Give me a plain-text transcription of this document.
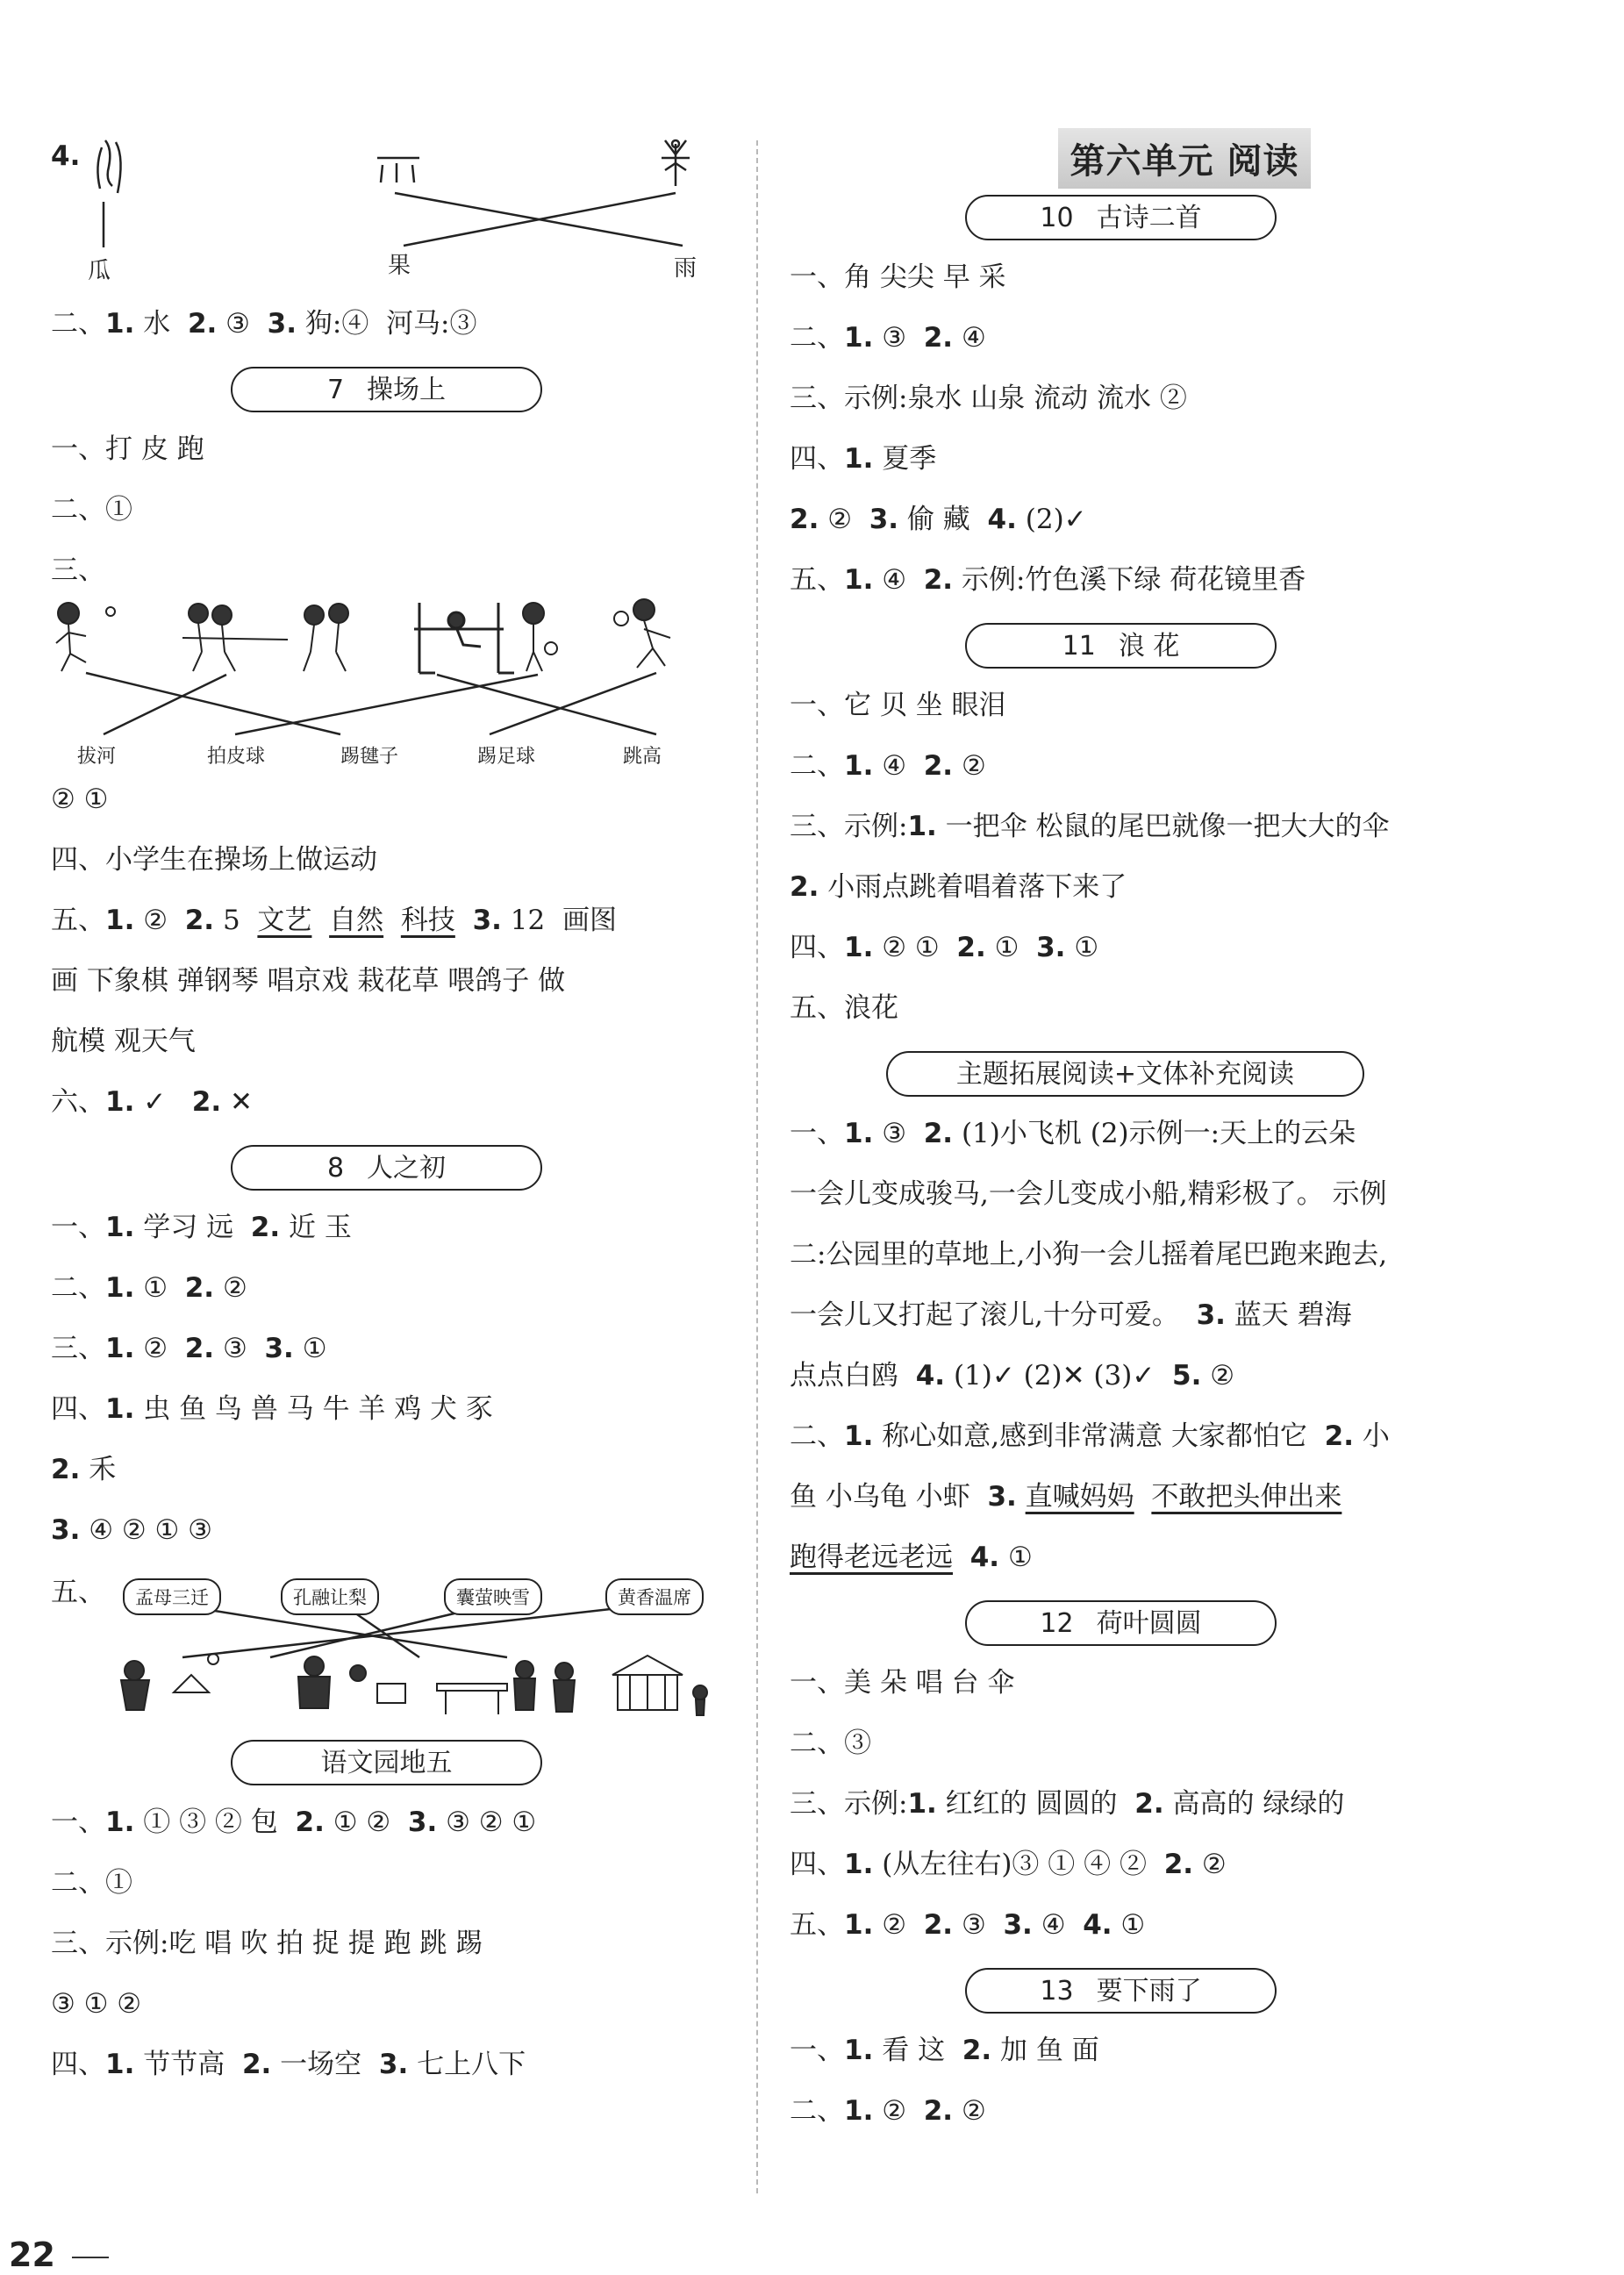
4.
瓜	果	雨
二、1. 水 2. ③ 3. 狗:④ 河马:③
7 操场上
一、打 皮 跑
二、①
三、
拔河	拍皮球	踢毽子	踢足球	跳高
② ①
四、小学生在操场上做运动
五、1. ② 2. 5 文艺 自然 科技 3. 12 画图
画 下象棋 弹钢琴 唱京戏 栽花草 喂鸽子 做
航模 观天气
六、1. ✓ 2. ✕
8 人之初
一、1. 学习 远 2. 近 玉
二、1. ① 2. ②
三、1. ② 2. ③ 3. ①
四、1. 虫 鱼 鸟 兽 马 牛 羊 鸡 犬 豕
2. 禾
3. ④ ② ① ③
五、	孟母三迁	孔融让梨	囊萤映雪	黄香温席
语文园地五
一、1. ① ③ ② 包 2. ① ② 3. ③ ② ①
二、①
三、示例:吃 唱 吹 拍 捉 提 跑 跳 踢
③ ① ②
四、1. 节节高 2. 一场空 3. 七上八下
第六单元 阅读
10 古诗二首
一、角 尖尖 早 采
二、1. ③ 2. ④
三、示例:泉水 山泉 流动 流水 ②
四、1. 夏季
2. ② 3. 偷 藏 4. (2)✓
五、1. ④ 2. 示例:竹色溪下绿 荷花镜里香
11 浪 花
一、它 贝 坐 眼泪
二、1. ④ 2. ②
三、示例:1. 一把伞 松鼠的尾巴就像一把大大的伞
2. 小雨点跳着唱着落下来了
四、1. ② ① 2. ① 3. ①
五、浪花
主题拓展阅读+文体补充阅读
一、1. ③ 2. (1)小飞机 (2)示例一:天上的云朵
一会儿变成骏马,一会儿变成小船,精彩极了。 示例
二:公园里的草地上,小狗一会儿摇着尾巴跑来跑去,
一会儿又打起了滚儿,十分可爱。 3. 蓝天 碧海
点点白鸥 4. (1)✓ (2)✕ (3)✓ 5. ②
二、1. 称心如意,感到非常满意 大家都怕它 2. 小
鱼 小乌龟 小虾 3. 直喊妈妈 不敢把头伸出来
跑得老远老远 4. ①
12 荷叶圆圆
一、美 朵 唱 台 伞
二、③
三、示例:1. 红红的 圆圆的 2. 高高的 绿绿的
四、1. (从左往右)③ ① ④ ② 2. ②
五、1. ② 2. ③ 3. ④ 4. ①
13 要下雨了
一、1. 看 这 2. 加 鱼 面
二、1. ② 2. ②
22
